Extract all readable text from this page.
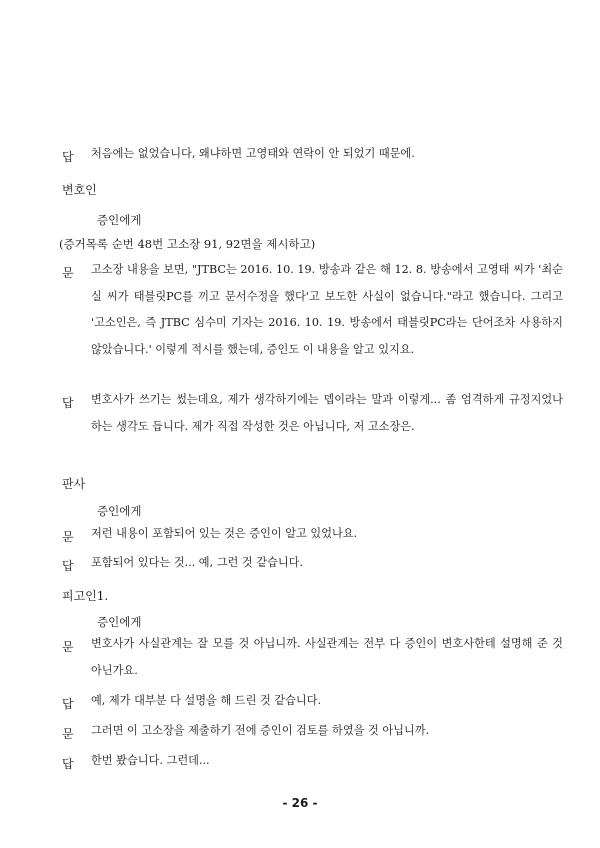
답 처음에는 없었습니다, 왜냐하면 고영태와 연락이 안 되었기 때문에.

변호인
증인에게
(증거목록 순번 48번 고소장 91, 92면을 제시하고)
문 고소장 내용을 보면, "JTBC는 2016. 10. 19. 방송과 같은 해 12. 8. 방송에서 고영태 씨가 '최순실 씨가 태블릿PC를 끼고 문서수정을 했다'고 보도한 사실이 없습니다."라고 했습니다. 그리고 '고소인은, 즉 JTBC 심수미 기자는 2016. 10. 19. 방송에서 태블릿PC라는 단어조차 사용하지 않았습니다.' 이렇게 적시를 했는데, 증인도 이 내용을 알고 있지요.

답 변호사가 쓰기는 썼는데요, 제가 생각하기에는 뎁이라는 말과 이렇게... 좀 엄격하게 규정지었나 하는 생각도 듭니다. 제가 직접 작성한 것은 아닙니다, 저 고소장은.

판사
증인에게
문 저런 내용이 포함되어 있는 것은 증인이 알고 있었나요.

답 포함되어 있다는 것... 예, 그런 것 같습니다.

피고인1.
증인에게
문 변호사가 사실관계는 잘 모를 것 아닙니까. 사실관계는 전부 다 증인이 변호사한테 설명해 준 것 아닌가요.

답 예, 제가 대부분 다 설명을 해 드린 것 같습니다.

문 그러면 이 고소장을 제출하기 전에 증인이 검토를 하였을 것 아닙니까.

답 한번 봤습니다. 그런데...

- 26 -
